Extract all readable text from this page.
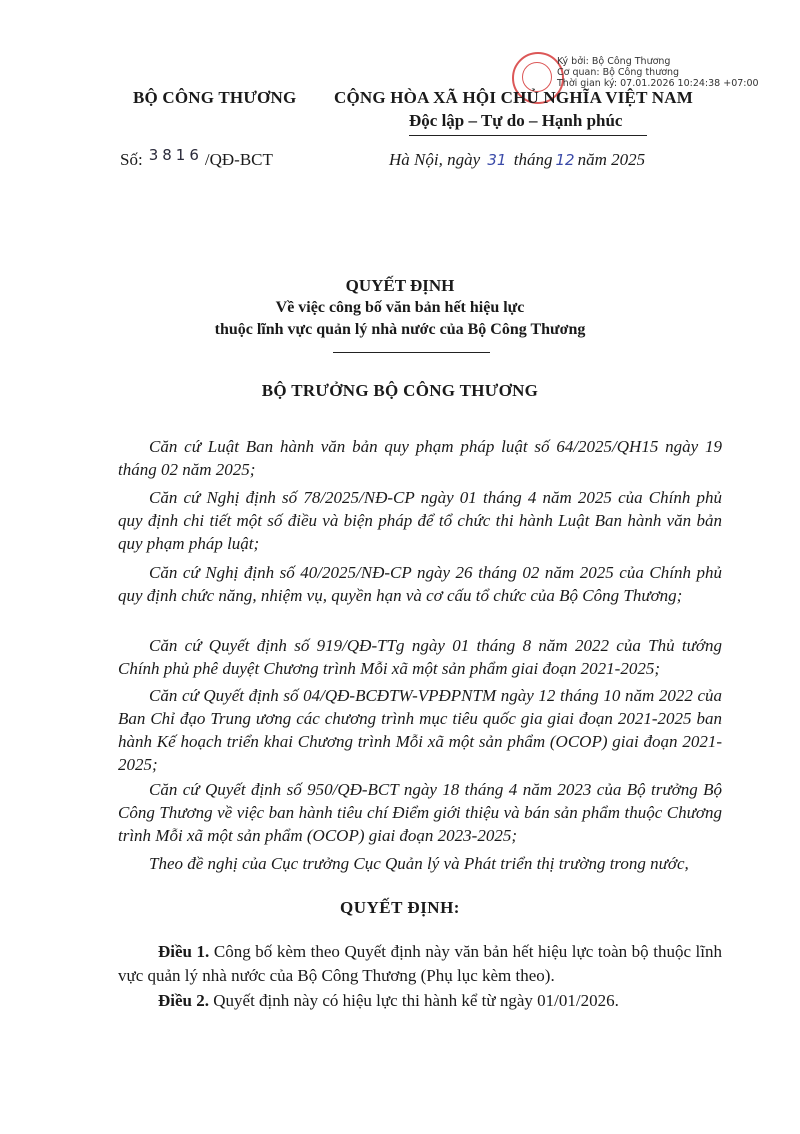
Ký bởi: Bộ Công Thương
Cơ quan: Bộ Công thương
Thời gian ký: 07.01.2026 10:24:38 +07:00
BỘ CÔNG THƯƠNG CỘNG HÒA XÃ HỘI CHỦ NGHĨA VIỆT NAM
Độc lập – Tự do – Hạnh phúc
Số: 3816 /QĐ-BCT	Hà Nội, ngày 31 tháng 12 năm 2025
QUYẾT ĐỊNH
Về việc công bố văn bản hết hiệu lực
thuộc lĩnh vực quản lý nhà nước của Bộ Công Thương
BỘ TRƯỞNG BỘ CÔNG THƯƠNG
Căn cứ Luật Ban hành văn bản quy phạm pháp luật số 64/2025/QH15 ngày 19 tháng 02 năm 2025;
Căn cứ Nghị định số 78/2025/NĐ-CP ngày 01 tháng 4 năm 2025 của Chính phủ quy định chi tiết một số điều và biện pháp để tổ chức thi hành Luật Ban hành văn bản quy phạm pháp luật;
Căn cứ Nghị định số 40/2025/NĐ-CP ngày 26 tháng 02 năm 2025 của Chính phủ quy định chức năng, nhiệm vụ, quyền hạn và cơ cấu tổ chức của Bộ Công Thương;
Căn cứ Quyết định số 919/QĐ-TTg ngày 01 tháng 8 năm 2022 của Thủ tướng Chính phủ phê duyệt Chương trình Mỗi xã một sản phẩm giai đoạn 2021-2025;
Căn cứ Quyết định số 04/QĐ-BCĐTW-VPĐPNTM ngày 12 tháng 10 năm 2022 của Ban Chỉ đạo Trung ương các chương trình mục tiêu quốc gia giai đoạn 2021-2025 ban hành Kế hoạch triển khai Chương trình Mỗi xã một sản phẩm (OCOP) giai đoạn 2021-2025;
Căn cứ Quyết định số 950/QĐ-BCT ngày 18 tháng 4 năm 2023 của Bộ trưởng Bộ Công Thương về việc ban hành tiêu chí Điểm giới thiệu và bán sản phẩm thuộc Chương trình Mỗi xã một sản phẩm (OCOP) giai đoạn 2023-2025;
Theo đề nghị của Cục trưởng Cục Quản lý và Phát triển thị trường trong nước,
QUYẾT ĐỊNH:
Điều 1. Công bố kèm theo Quyết định này văn bản hết hiệu lực toàn bộ thuộc lĩnh vực quản lý nhà nước của Bộ Công Thương (Phụ lục kèm theo).
Điều 2. Quyết định này có hiệu lực thi hành kể từ ngày 01/01/2026.
